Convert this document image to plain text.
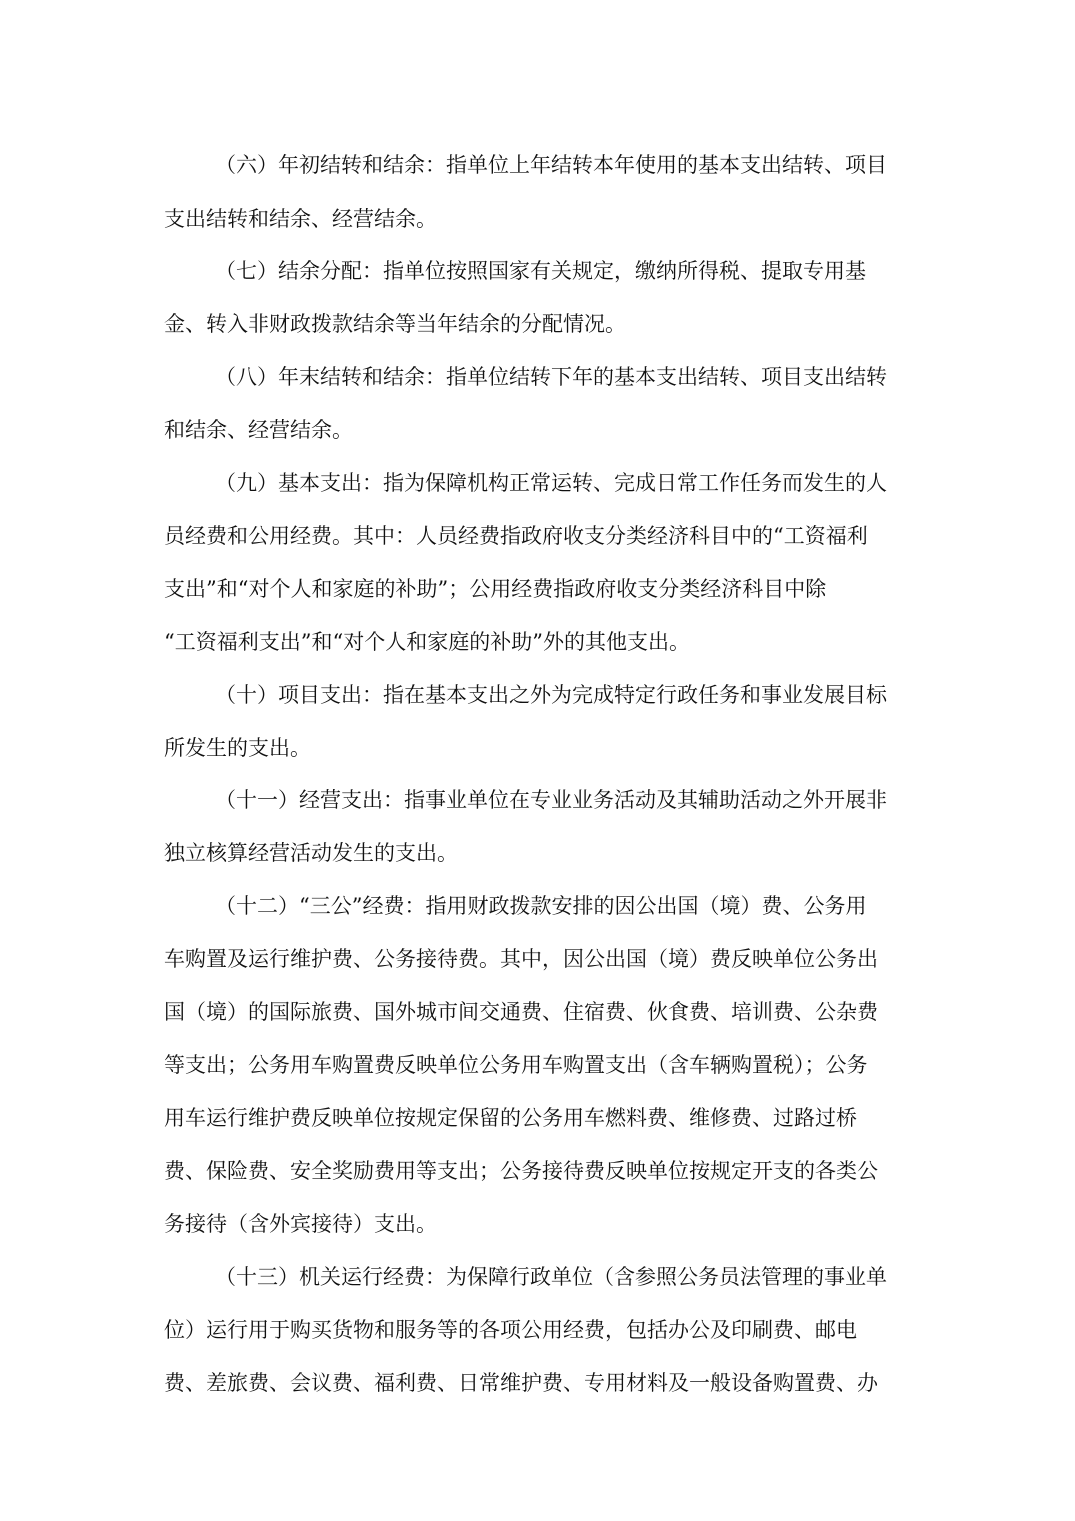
（六）年初结转和结余：指单位上年结转本年使用的基本支出结转、项目

支出结转和结余、经营结余。

（七）结余分配：指单位按照国家有关规定，缴纳所得税、提取专用基

金、转入非财政拨款结余等当年结余的分配情况。

（八）年末结转和结余：指单位结转下年的基本支出结转、项目支出结转

和结余、经营结余。

（九）基本支出：指为保障机构正常运转、完成日常工作任务而发生的人

员经费和公用经费。其中：人员经费指政府收支分类经济科目中的“工资福利

支出”和“对个人和家庭的补助”；公用经费指政府收支分类经济科目中除

“工资福利支出”和“对个人和家庭的补助”外的其他支出。

（十）项目支出：指在基本支出之外为完成特定行政任务和事业发展目标

所发生的支出。

（十一）经营支出：指事业单位在专业业务活动及其辅助活动之外开展非

独立核算经营活动发生的支出。

（十二）“三公”经费：指用财政拨款安排的因公出国（境）费、公务用

车购置及运行维护费、公务接待费。其中，因公出国（境）费反映单位公务出

国（境）的国际旅费、国外城市间交通费、住宿费、伙食费、培训费、公杂费

等支出；公务用车购置费反映单位公务用车购置支出（含车辆购置税）；公务

用车运行维护费反映单位按规定保留的公务用车燃料费、维修费、过路过桥

费、保险费、安全奖励费用等支出；公务接待费反映单位按规定开支的各类公

务接待（含外宾接待）支出。

（十三）机关运行经费：为保障行政单位（含参照公务员法管理的事业单

位）运行用于购买货物和服务等的各项公用经费，包括办公及印刷费、邮电

费、差旅费、会议费、福利费、日常维护费、专用材料及一般设备购置费、办
